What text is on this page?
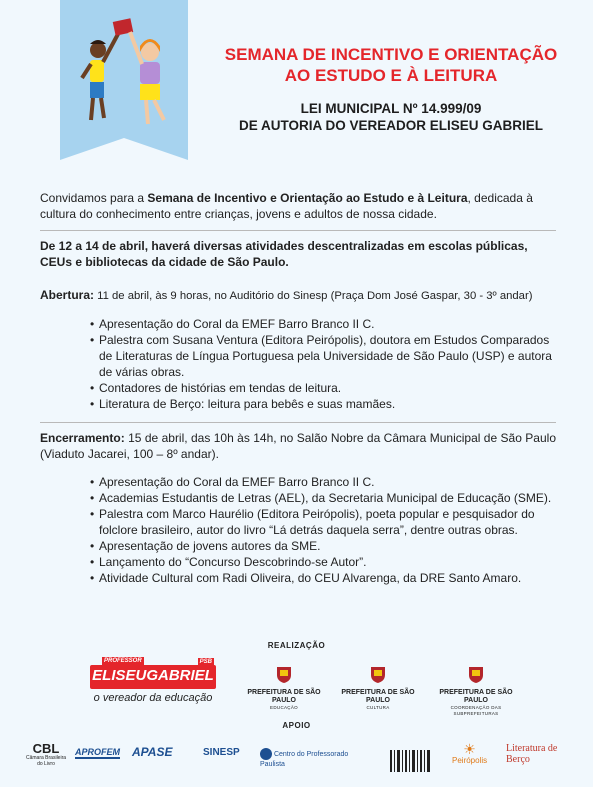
SEMANA DE INCENTIVO E ORIENTAÇÃO
AO ESTUDO E À LEITURA
LEI MUNICIPAL Nº 14.999/09
DE AUTORIA DO VEREADOR ELISEU GABRIEL

Convidamos para a Semana de Incentivo e Orientação ao Estudo e à Leitura, dedicada à cultura do conhecimento entre crianças, jovens e adultos de nossa cidade.

De 12 a 14 de abril, haverá diversas atividades descentralizadas em escolas públicas, CEUs e bibliotecas da cidade de São Paulo.

Abertura: 11 de abril, às 9 horas, no Auditório do Sinesp (Praça Dom José Gaspar, 30 - 3º andar)

• Apresentação do Coral da EMEF Barro Branco II C.
• Palestra com Susana Ventura (Editora Peirópolis), doutora em Estudos Comparados de Literaturas de Língua Portuguesa pela Universidade de São Paulo (USP) e autora de várias obras.
• Contadores de histórias em tendas de leitura.
• Literatura de Berço: leitura para bebês e suas mamães.

Encerramento: 15 de abril, das 10h às 14h, no Salão Nobre da Câmara Municipal de São Paulo (Viaduto Jacarei, 100 – 8º andar).

• Apresentação do Coral da EMEF Barro Branco II C.
• Academias Estudantis de Letras (AEL), da Secretaria Municipal de Educação (SME).
• Palestra com Marco Haurélio (Editora Peirópolis), poeta popular e pesquisador do folclore brasileiro, autor do livro “Lá detrás daquela serra”, dentre outras obras.
• Apresentação de jovens autores da SME.
• Lançamento do “Concurso Descobrindo-se Autor”.
• Atividade Cultural com Radi Oliveira, do CEU Alvarenga, da DRE Santo Amaro.
REALIZAÇÃO
PROFESSOR
ELISEUGABRIEL
PSB
o vereador da educação	PREFEITURA DE SÃO PAULO
EDUCAÇÃO
PREFEITURA DE SÃO PAULO
CULTURA
PREFEITURA DE SÃO PAULO
COORDENAÇÃO DAS SUBPREFEITURAS
APOIO
CBL
Câmara Brasileira do Livro
APROFEM APASE	SINESP	Centro do Professorado Paulista
☀
Peirópolis
Literatura de Berço
